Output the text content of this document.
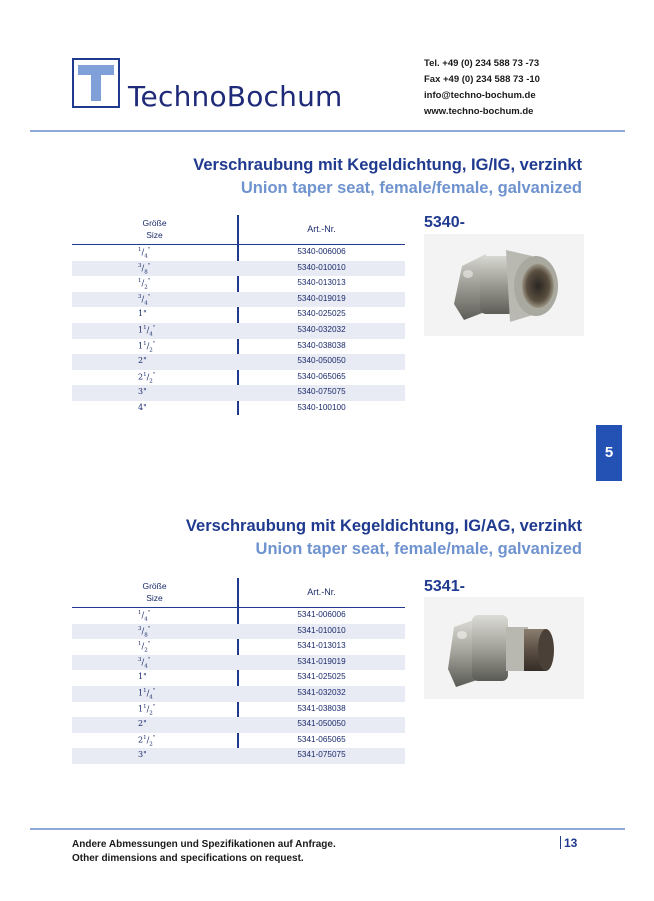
TechnoBochum
Tel. +49 (0) 234 588 73 -73
Fax +49 (0) 234 588 73 -10
info@techno-bochum.de
www.techno-bochum.de
Verschraubung mit Kegeldichtung, IG/IG, verzinkt
Union taper seat, female/female, galvanized
Größe
Size
Art.-Nr.
$^1/_4^"$	5340-006006
$^3/_8^"$	5340-010010
$^1/_2^"$	5340-013013
$^3/_4^"$	5340-019019
1"	5340-025025
$1^1/_4^"$	5340-032032
$1^1/_2^"$	5340-038038
2"	5340-050050
$2^1/_2^"$	5340-065065
3"	5340-075075
4"	5340-100100
5340-
5
Verschraubung mit Kegeldichtung, IG/AG, verzinkt
Union taper seat, female/male, galvanized
Größe
Size
Art.-Nr.
$^1/_4^"$	5341-006006
$^3/_8^"$	5341-010010
$^1/_2^"$	5341-013013
$^3/_4^"$	5341-019019
1"	5341-025025
$1^1/_4^"$	5341-032032
$1^1/_2^"$	5341-038038
2"	5341-050050
$2^1/_2^"$	5341-065065
3"	5341-075075
5341-
Andere Abmessungen und Spezifikationen auf Anfrage.
Other dimensions and specifications on request.
13
